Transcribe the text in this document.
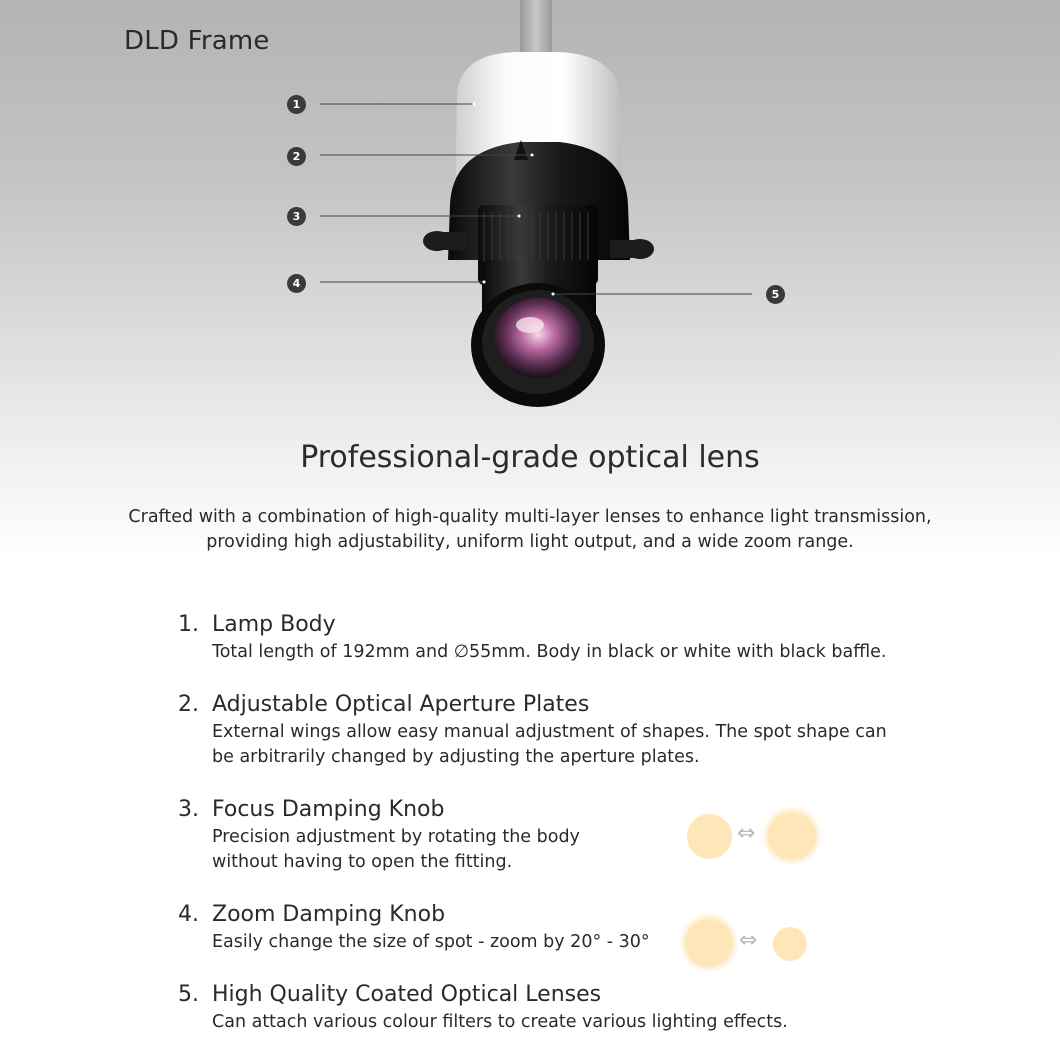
DLD Frame
1
2
3
4
5
Professional-grade optical lens
Crafted with a combination of high-quality multi-layer lenses to enhance light transmission,
providing high adjustability, uniform light output, and a wide zoom range.
1. Lamp Body
Total length of 192mm and ∅55mm. Body in black or white with black baffle.
2. Adjustable Optical Aperture Plates
External wings allow easy manual adjustment of shapes. The spot shape can
be arbitrarily changed by adjusting the aperture plates.
3. Focus Damping Knob
Precision adjustment by rotating the body
without having to open the fitting.
4. Zoom Damping Knob
Easily change the size of spot - zoom by 20° - 30°
5. High Quality Coated Optical Lenses
Can attach various colour filters to create various lighting effects.
⇔
⇔
